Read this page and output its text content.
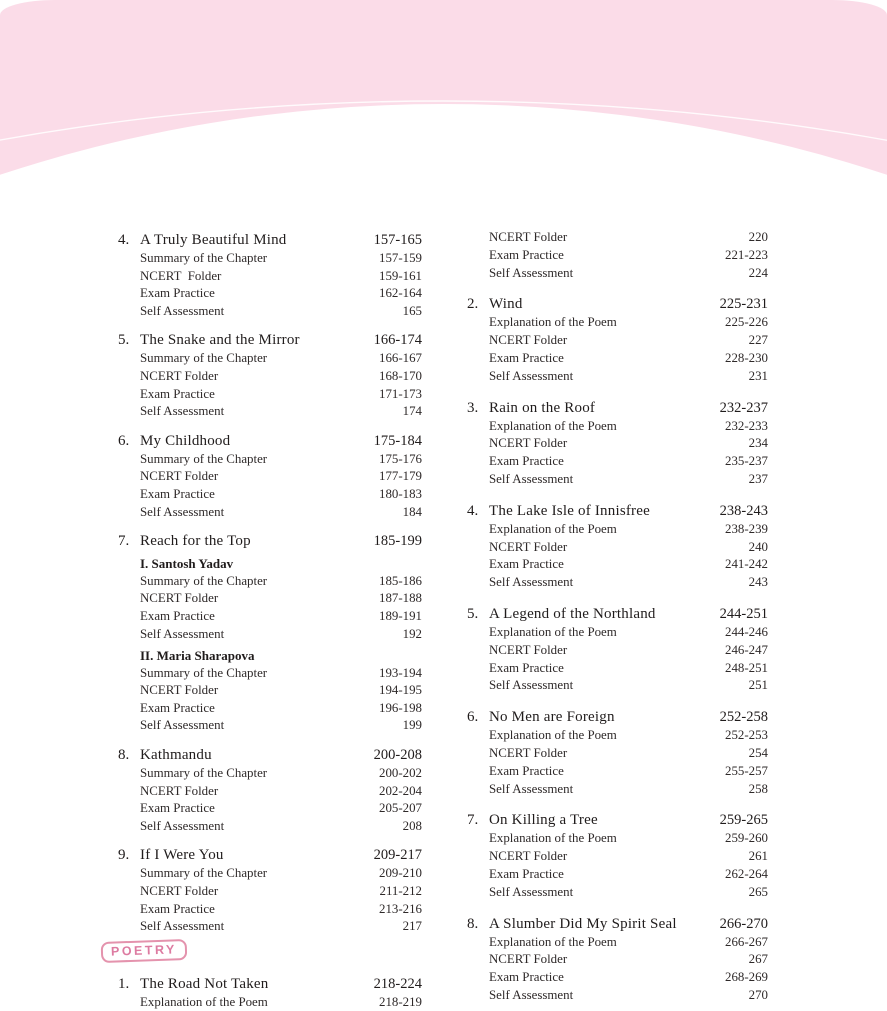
4. A Truly Beautiful Mind	157-165
Summary of the Chapter	157-159
NCERT  Folder	159-161
Exam Practice	162-164
Self Assessment	165
5. The Snake and the Mirror	166-174
Summary of the Chapter	166-167
NCERT Folder	168-170
Exam Practice	171-173
Self Assessment	174
6. My Childhood	175-184
Summary of the Chapter	175-176
NCERT Folder	177-179
Exam Practice	180-183
Self Assessment	184
7. Reach for the Top	185-199
I. Santosh Yadav
Summary of the Chapter	185-186
NCERT Folder	187-188
Exam Practice	189-191
Self Assessment	192
II. Maria Sharapova
Summary of the Chapter	193-194
NCERT Folder	194-195
Exam Practice	196-198
Self Assessment	199
8. Kathmandu	200-208
Summary of the Chapter	200-202
NCERT Folder	202-204
Exam Practice	205-207
Self Assessment	208
9. If I Were You	209-217
Summary of the Chapter	209-210
NCERT Folder	211-212
Exam Practice	213-216
Self Assessment	217
POETRY
1. The Road Not Taken	218-224
Explanation of the Poem	218-219
NCERT Folder	220
Exam Practice	221-223
Self Assessment	224
2. Wind	225-231
Explanation of the Poem	225-226
NCERT Folder	227
Exam Practice	228-230
Self Assessment	231
3. Rain on the Roof	232-237
Explanation of the Poem	232-233
NCERT Folder	234
Exam Practice	235-237
Self Assessment	237
4. The Lake Isle of Innisfree	238-243
Explanation of the Poem	238-239
NCERT Folder	240
Exam Practice	241-242
Self Assessment	243
5. A Legend of the Northland	244-251
Explanation of the Poem	244-246
NCERT Folder	246-247
Exam Practice	248-251
Self Assessment	251
6. No Men are Foreign	252-258
Explanation of the Poem	252-253
NCERT Folder	254
Exam Practice	255-257
Self Assessment	258
7. On Killing a Tree	259-265
Explanation of the Poem	259-260
NCERT Folder	261
Exam Practice	262-264
Self Assessment	265
8. A Slumber Did My Spirit Seal	266-270
Explanation of the Poem	266-267
NCERT Folder	267
Exam Practice	268-269
Self Assessment	270
